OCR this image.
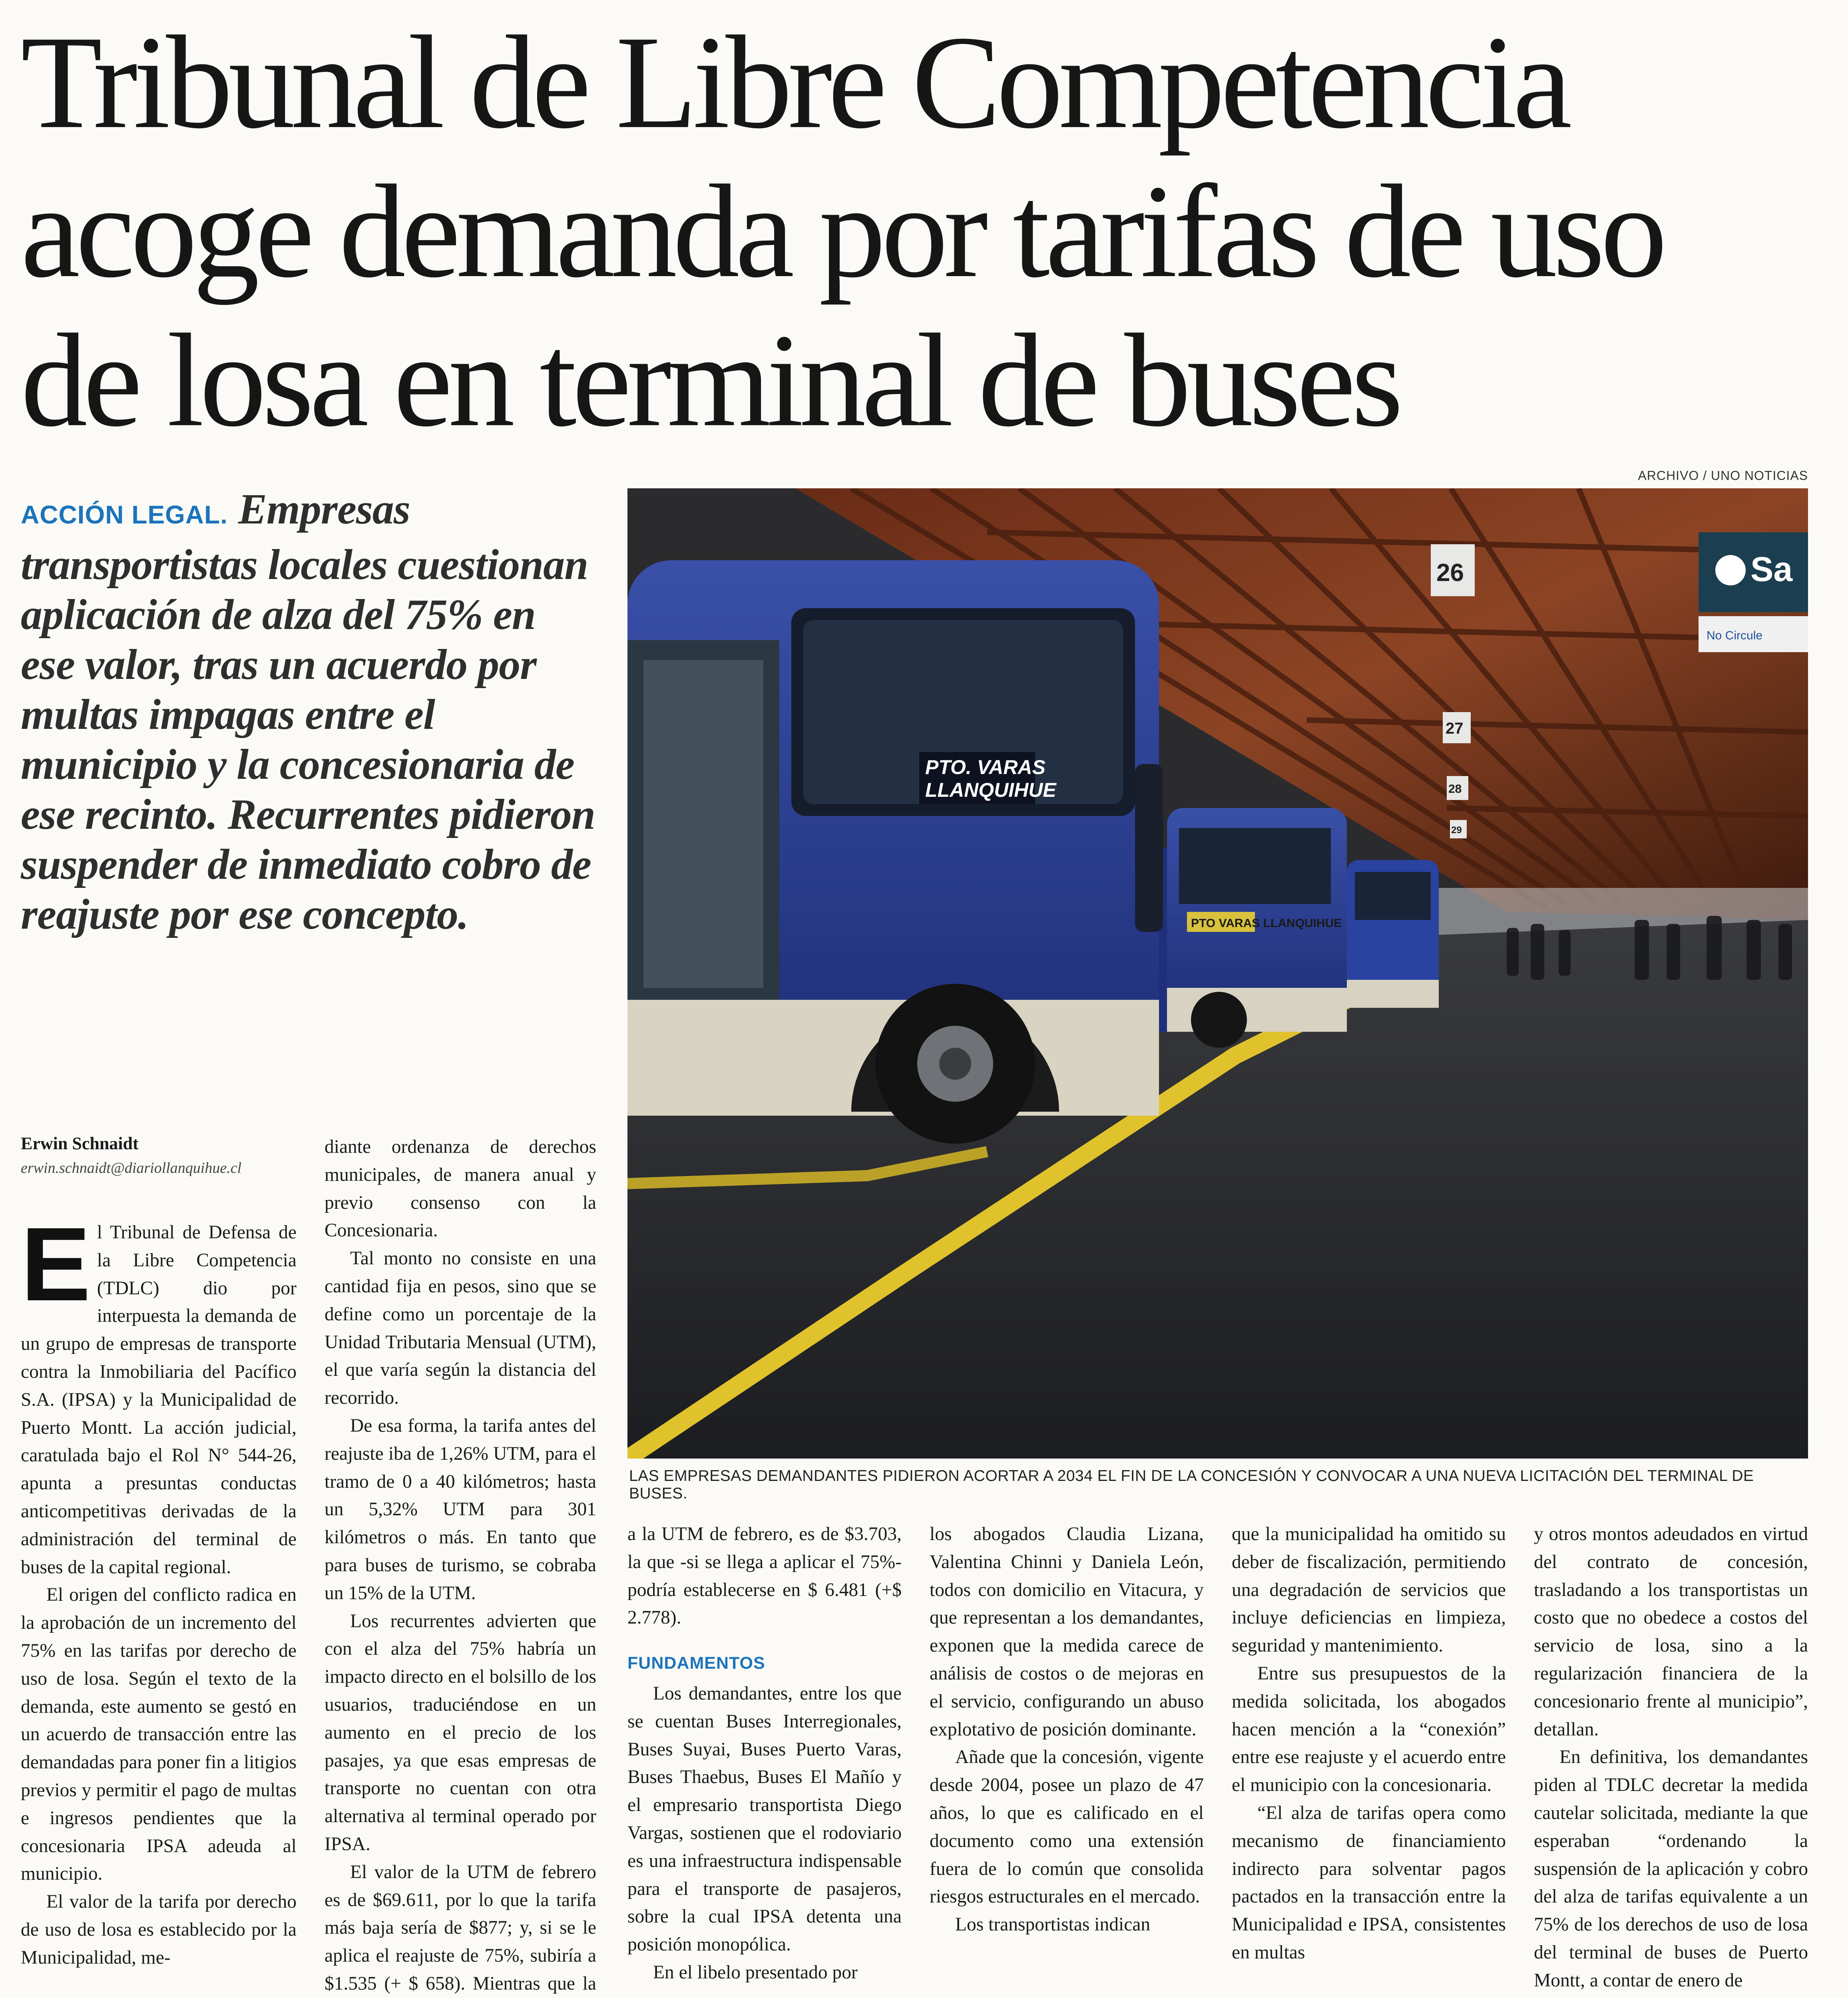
Tribunal de Libre Competencia
acoge demanda por tarifas de uso
de losa en terminal de buses
ACCIÓN LEGAL. Empresas transportistas locales cuestionan aplicación de alza del 75% en ese valor, tras un acuerdo por multas impagas entre el municipio y la concesionaria de ese recinto. Recurrentes pidieron suspender de inmediato cobro de reajuste por ese concepto.
ARCHIVO / UNO NOTICIAS
PTO VARAS LLANQUIHUE
PTO. VARAS
LLANQUIHUE
26
27
28
29
Sa
No Circule
LAS EMPRESAS DEMANDANTES PIDIERON ACORTAR A 2034 EL FIN DE LA CONCESIÓN Y CONVOCAR A UNA NUEVA LICITACIÓN DEL TERMINAL DE BUSES.
Erwin Schnaidt
erwin.schnaidt@diariollanquihue.cl

El Tribunal de Defensa de la Libre Competencia (TDLC) dio por interpuesta la demanda de un grupo de empresas de transporte contra la Inmobiliaria del Pacífico S.A. (IPSA) y la Municipalidad de Puerto Montt. La acción judicial, caratulada bajo el Rol N° 544-26, apunta a presuntas conductas anticompetitivas derivadas de la administración del terminal de buses de la capital regional.

El origen del conflicto radica en la aprobación de un incremento del 75% en las tarifas por derecho de uso de losa. Según el texto de la demanda, este aumento se gestó en un acuerdo de transacción entre las demandadas para poner fin a litigios previos y permitir el pago de multas e ingresos pendientes que la concesionaria IPSA adeuda al municipio.

El valor de la tarifa por derecho de uso de losa es establecido por la Municipalidad, me-

diante ordenanza de derechos municipales, de manera anual y previo consenso con la Concesionaria.

Tal monto no consiste en una cantidad fija en pesos, sino que se define como un porcentaje de la Unidad Tributaria Mensual (UTM), el que varía según la distancia del recorrido.

De esa forma, la tarifa antes del reajuste iba de 1,26% UTM, para el tramo de 0 a 40 kilómetros; hasta un 5,32% UTM para 301 kilómetros o más. En tanto que para buses de turismo, se cobraba un 15% de la UTM.

Los recurrentes advierten que con el alza del 75% habría un impacto directo en el bolsillo de los usuarios, traduciéndose en un aumento en el precio de los pasajes, ya que esas empresas de transporte no cuentan con otra alternativa al terminal operado por IPSA.

El valor de la UTM de febrero es de $69.611, por lo que la tarifa más baja sería de $877; y, si se le aplica el reajuste de 75%, subiría a $1.535 (+ $ 658). Mientras que la

a la UTM de febrero, es de $3.703, la que -si se llega a aplicar el 75%- podría establecerse en $ 6.481 (+$ 2.778).

FUNDAMENTOS

Los demandantes, entre los que se cuentan Buses Interregionales, Buses Suyai, Buses Puerto Varas, Buses Thaebus, Buses El Mañío y el empresario transportista Diego Vargas, sostienen que el rodoviario es una infraestructura indispensable para el transporte de pasajeros, sobre la cual IPSA detenta una posición monopólica.

En el libelo presentado por

los abogados Claudia Lizana, Valentina Chinni y Daniela León, todos con domicilio en Vitacura, y que representan a los demandantes, exponen que la medida carece de análisis de costos o de mejoras en el servicio, configurando un abuso explotativo de posición dominante.

Añade que la concesión, vigente desde 2004, posee un plazo de 47 años, lo que es calificado en el documento como una extensión fuera de lo común que consolida riesgos estructurales en el mercado.

Los transportistas indican

que la municipalidad ha omitido su deber de fiscalización, permitiendo una degradación de servicios que incluye deficiencias en limpieza, seguridad y mantenimiento.

Entre sus presupuestos de la medida solicitada, los abogados hacen mención a la “conexión” entre ese reajuste y el acuerdo entre el municipio con la concesionaria.

“El alza de tarifas opera como mecanismo de financiamiento indirecto para solventar pagos pactados en la transacción entre la Municipalidad e IPSA, consistentes en multas

y otros montos adeudados en virtud del contrato de concesión, trasladando a los transportistas un costo que no obedece a costos del servicio de losa, sino a la regularización financiera de la concesionario frente al municipio”, detallan.

En definitiva, los demandantes piden al TDLC decretar la medida cautelar solicitada, mediante la que esperaban “ordenando la suspensión de la aplicación y cobro del alza de tarifas equivalente a un 75% de los derechos de uso de losa del terminal de buses de Puerto Montt, a contar de enero de
